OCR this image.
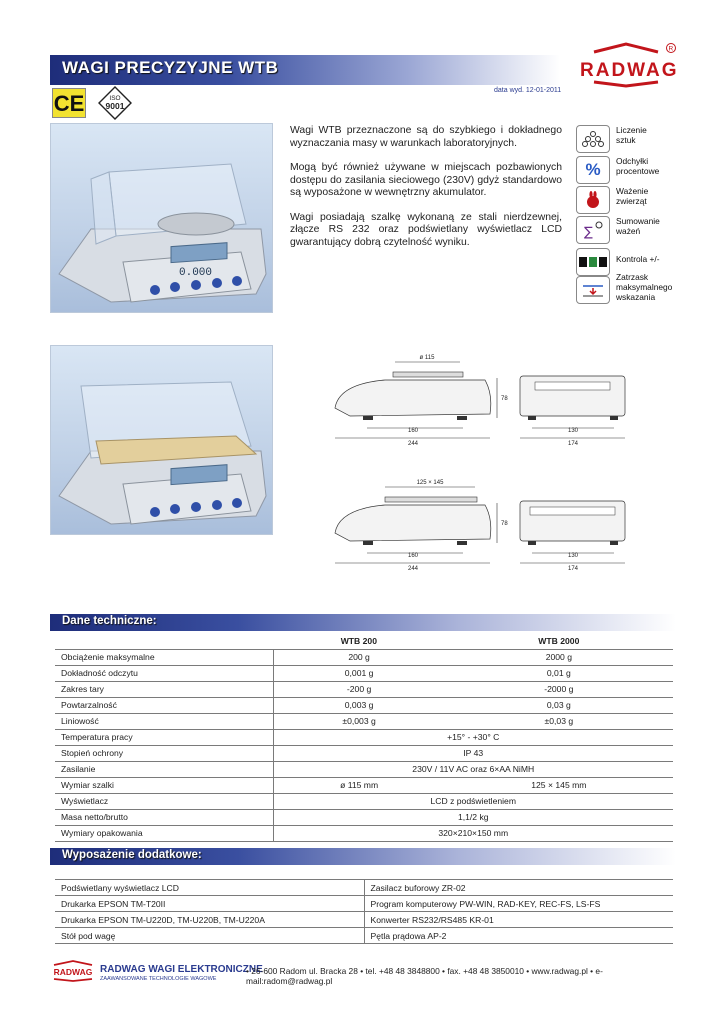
WAGI PRECYZYJNE WTB
data wyd. 12-01-2011
R
RADWAG
CE	ISO
9001
0.000

Wagi WTB przeznaczone są do szybkiego i dokładnego wyznaczania masy w warunkach laboratoryjnych.

Mogą być również używane w miejscach pozbawionych dostępu do zasilania sieciowego (230V) gdyż standardowo są wyposażone w wewnętrzny akumulator.

Wagi posiadają szalkę wykonaną ze stali nierdzewnej, złącze RS 232 oraz podświetlany wyświetlacz LCD gwarantujący dobrą czytelność wyniku.

Liczenie sztuk
%	Odchyłki procentowe
Ważenie zwierząt
∑
Sumowanie ważeń
Kontrola +/-
Zatrzask maksymalnego wskazania
ø 115
78
160
244
130
174
125 × 145
78
160
244
130
174
Dane techniczne:
	WTB 200	WTB 2000
Obciążenie maksymalne	200 g	2000 g
Dokładność odczytu	0,001 g	0,01 g
Zakres tary	-200 g	-2000 g
Powtarzalność	0,003 g	0,03 g
Liniowość	±0,003 g	±0,03 g
Temperatura pracy	+15° - +30° C	
Stopień ochrony	IP 43	
Zasilanie	230V / 11V AC oraz 6×AA NiMH	
Wymiar szalki	ø 115 mm	125 × 145 mm
Wyświetlacz	LCD z podświetleniem	
Masa netto/brutto	1,1/2 kg	
Wymiary opakowania	320×210×150 mm	
Wyposażenie dodatkowe:
Podświetlany wyświetlacz LCD	Zasilacz buforowy ZR-02
Drukarka EPSON TM-T20II	Program komputerowy PW-WIN, RAD-KEY, REC-FS, LS-FS
Drukarka EPSON TM-U220D, TM-U220B, TM-U220A	Konwerter RS232/RS485 KR-01
Stół pod wagę	Pętla prądowa AP-2
RADWAG RADWAG WAGI ELEKTRONICZNE
ZAAWANSOWANE TECHNOLOGIE WAGOWE
• 26-600 Radom ul. Bracka 28 • tel. +48 48 3848800 • fax. +48 48 3850010 • www.radwag.pl • e-mail:radom@radwag.pl
